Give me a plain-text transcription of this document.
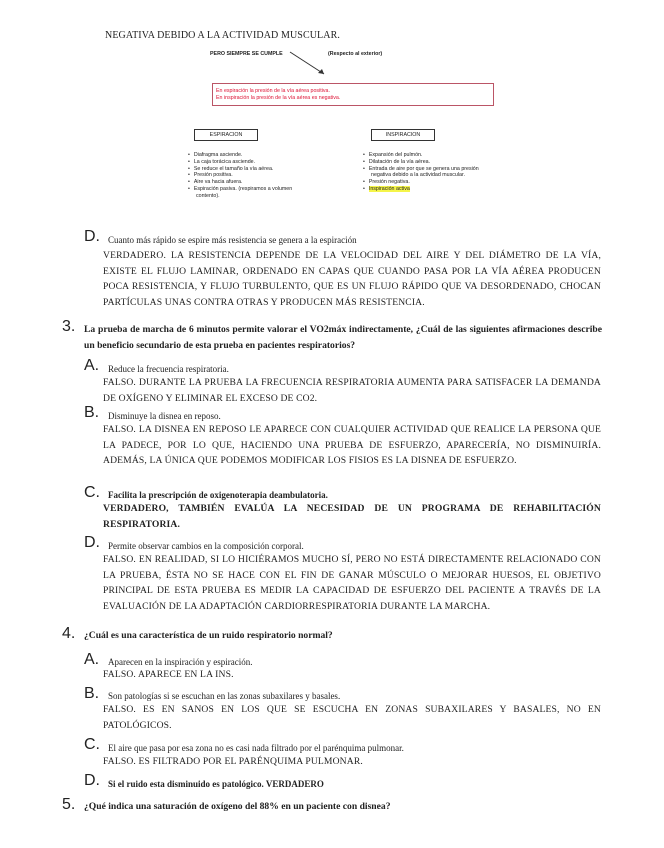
NEGATIVA DEBIDO A LA ACTIVIDAD MUSCULAR.
PERO SIEMPRE SE CUMPLE	(Respecto al exterior)
En espiración la presión de la vía aérea positiva.
En inspiración la presión de la vía aérea es negativa.
ESPIRACION	INSPIRACION
• Diafragma asciende.
• La caja torácica asciende.
• Se reduce el tamaño la vía aérea.
• Presión positiva.
• Aire va hacia afuera.
• Espiración pasiva. (respiramos a volumen
contento).
• Expansión del pulmón.
• Dilatación de la vía aérea.
• Entrada de aire por que se genera una presión
negativa debido a la actividad muscular.
• Presión negativa.
• Inspiración activa
D. Cuanto más rápido se espire más resistencia se genera a la espiración
VERDADERO. LA RESISTENCIA DEPENDE DE LA VELOCIDAD DEL AIRE Y DEL DIÁMETRO DE LA VÍA, EXISTE EL FLUJO LAMINAR, ORDENADO EN CAPAS QUE CUANDO PASA POR LA VÍA AÉREA PRODUCEN POCA RESISTENCIA, Y FLUJO TURBULENTO, QUE ES UN FLUJO RÁPIDO QUE VA DESORDENADO, CHOCAN PARTÍCULAS UNAS CONTRA OTRAS Y PRODUCEN MÁS RESISTENCIA.
3. La prueba de marcha de 6 minutos permite valorar el VO2máx indirectamente, ¿Cuál de las siguientes afirmaciones describe un beneficio secundario de esta prueba en pacientes respiratorios?
A. Reduce la frecuencia respiratoria.
FALSO. DURANTE LA PRUEBA LA FRECUENCIA RESPIRATORIA AUMENTA PARA SATISFACER LA DEMANDA DE OXÍGENO Y ELIMINAR EL EXCESO DE CO2.
B. Disminuye la disnea en reposo.
FALSO. LA DISNEA EN REPOSO LE APARECE CON CUALQUIER ACTIVIDAD QUE REALICE LA PERSONA QUE LA PADECE, POR LO QUE, HACIENDO UNA PRUEBA DE ESFUERZO, APARECERÍA, NO DISMINUIRÍA. ADEMÁS, LA ÚNICA QUE PODEMOS MODIFICAR LOS FISIOS ES LA DISNEA DE ESFUERZO.
C. Facilita la prescripción de oxigenoterapia deambulatoria.
VERDADERO, TAMBIÉN EVALÚA LA NECESIDAD DE UN PROGRAMA DE REHABILITACIÓN RESPIRATORIA.
D. Permite observar cambios en la composición corporal.
FALSO. EN REALIDAD, SI LO HICIÉRAMOS MUCHO SÍ, PERO NO ESTÁ DIRECTAMENTE RELACIONADO CON LA PRUEBA, ÉSTA NO SE HACE CON EL FIN DE GANAR MÚSCULO O MEJORAR HUESOS, EL OBJETIVO PRINCIPAL DE ESTA PRUEBA ES MEDIR LA CAPACIDAD DE ESFUERZO DEL PACIENTE A TRAVÉS DE LA EVALUACIÓN DE LA ADAPTACIÓN CARDIORRESPIRATORIA DURANTE LA MARCHA.
4. ¿Cuál es una característica de un ruido respiratorio normal?
A. Aparecen en la inspiración y espiración.
FALSO. APARECE EN LA INS.
B. Son patologías si se escuchan en las zonas subaxilares y basales.
FALSO. ES EN SANOS EN LOS QUE SE ESCUCHA EN ZONAS SUBAXILARES Y BASALES, NO EN PATOLÓGICOS.
C. El aire que pasa por esa zona no es casi nada filtrado por el parénquima pulmonar.
FALSO. ES FILTRADO POR EL PARÉNQUIMA PULMONAR.
D. Si el ruido esta disminuido es patológico. VERDADERO
5. ¿Qué indica una saturación de oxígeno del 88% en un paciente con disnea?
